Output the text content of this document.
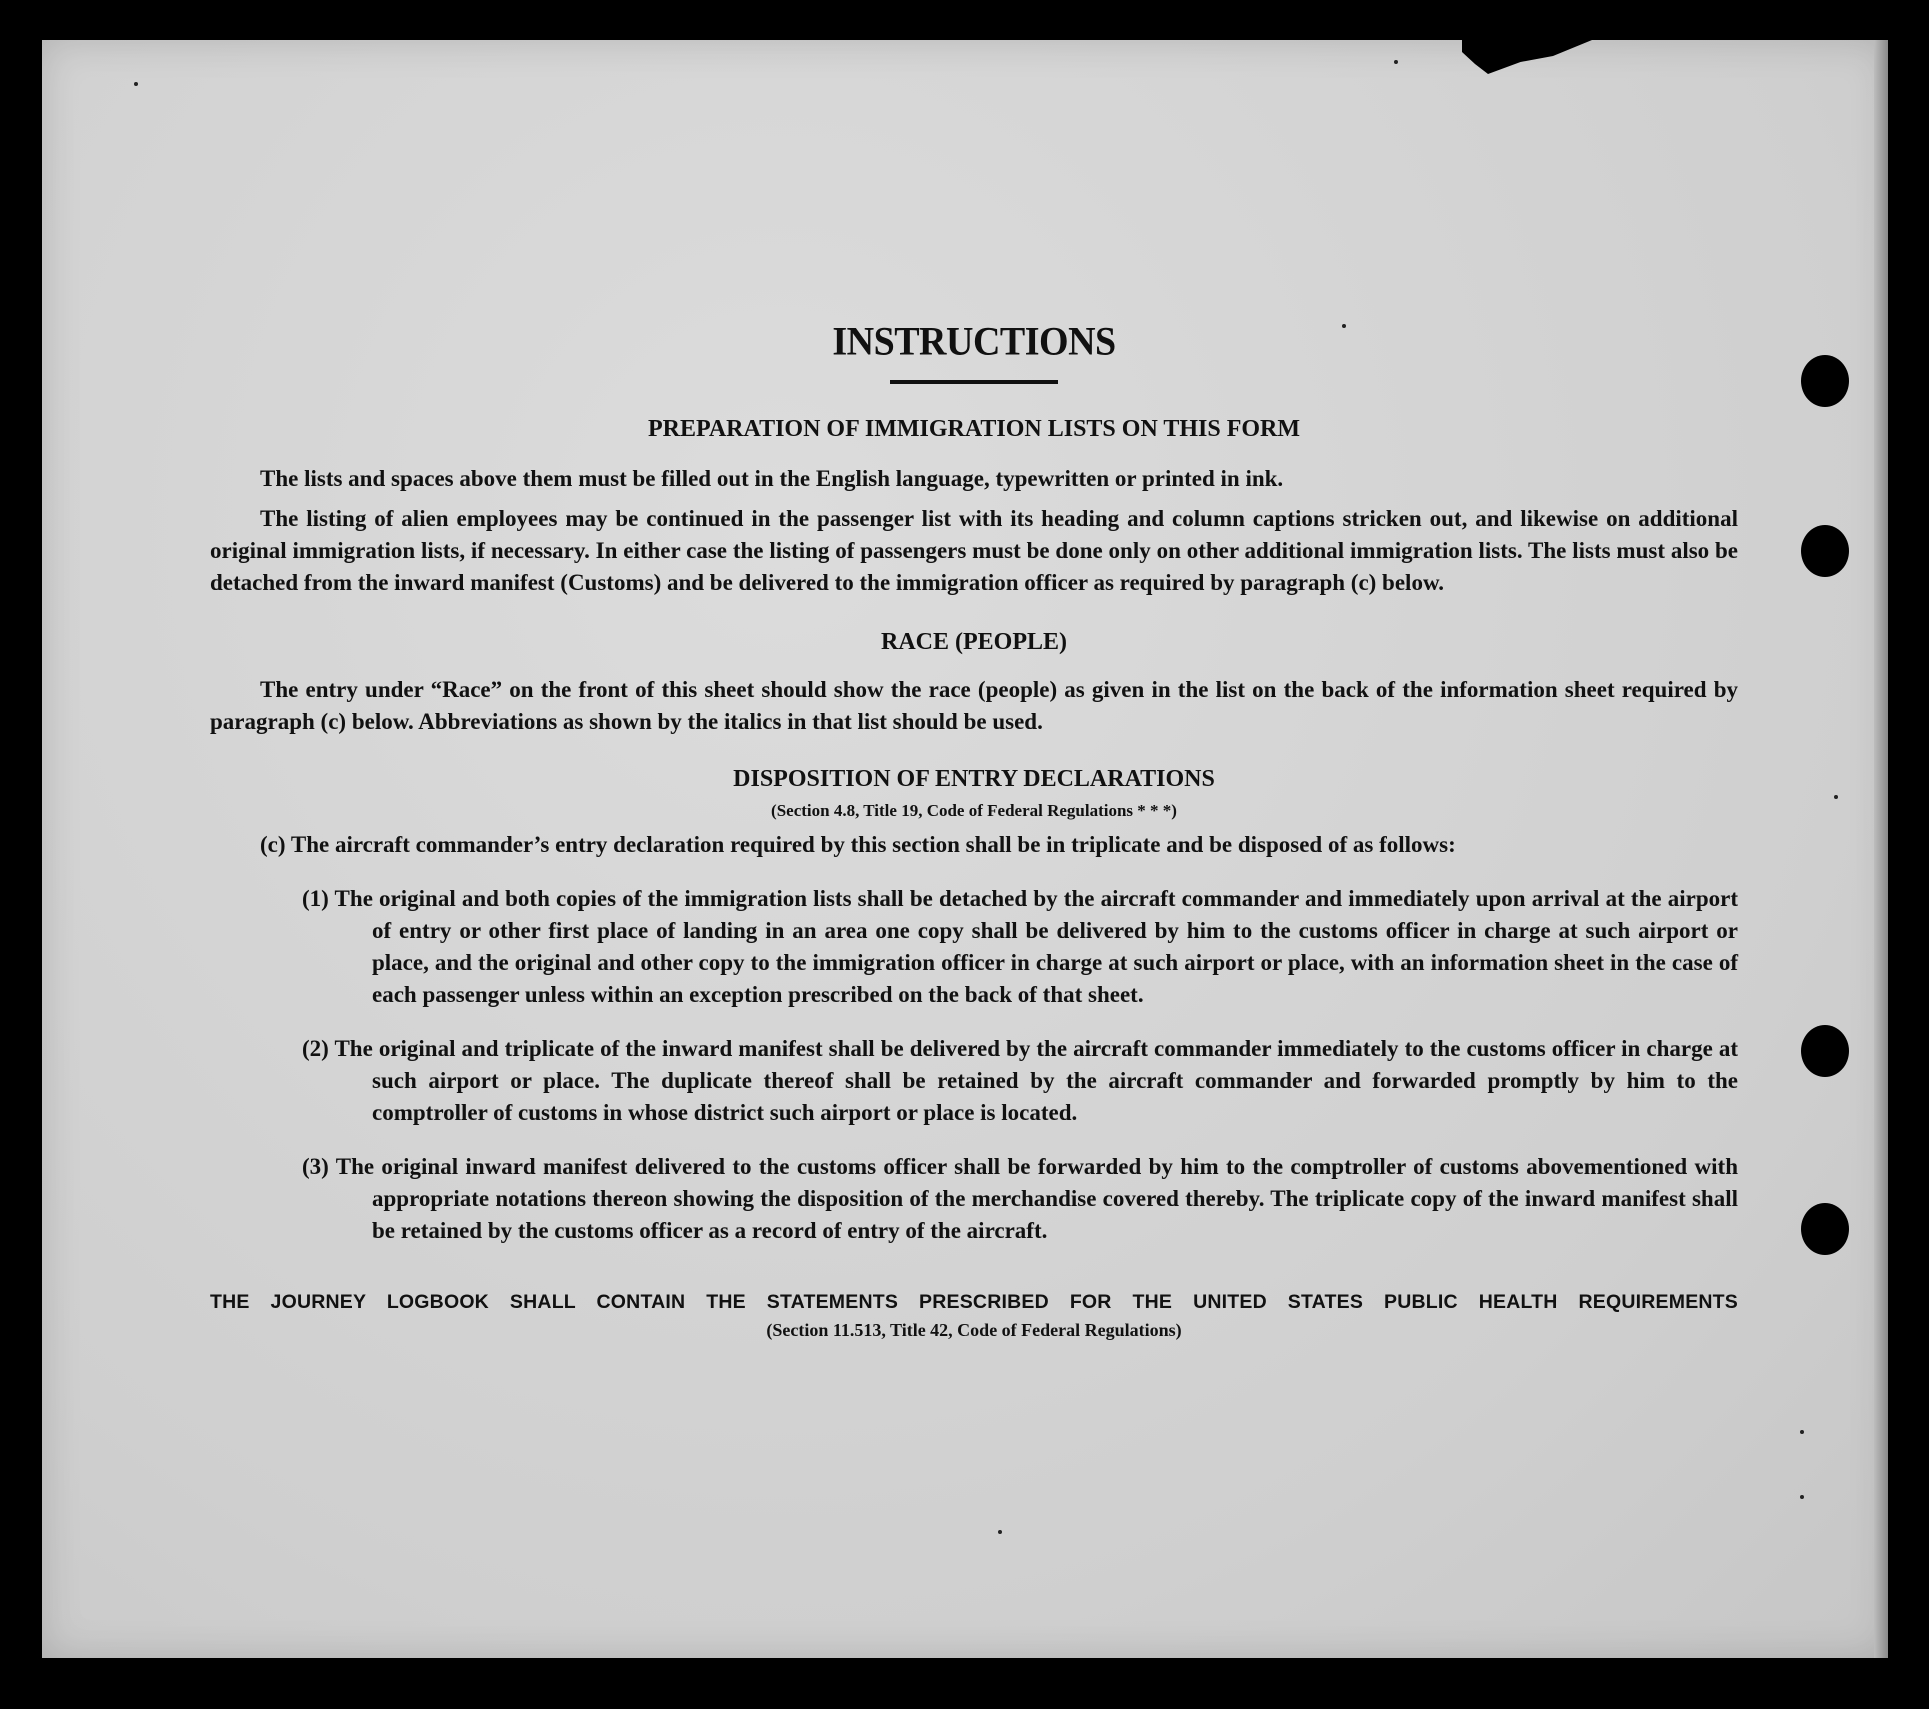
INSTRUCTIONS
PREPARATION OF IMMIGRATION LISTS ON THIS FORM

The lists and spaces above them must be filled out in the English language, typewritten or printed in ink.

The listing of alien employees may be continued in the passenger list with its heading and column captions stricken out, and likewise on additional original immigration lists, if necessary. In either case the listing of passengers must be done only on other additional immigration lists. The lists must also be detached from the inward manifest (Customs) and be delivered to the immigration officer as required by paragraph (c) below.

RACE (PEOPLE)

The entry under “Race” on the front of this sheet should show the race (people) as given in the list on the back of the information sheet required by paragraph (c) below. Abbreviations as shown by the italics in that list should be used.

DISPOSITION OF ENTRY DECLARATIONS

(Section 4.8, Title 19, Code of Federal Regulations * * *)

(c) The aircraft commander’s entry declaration required by this section shall be in triplicate and be disposed of as follows:

(1) The original and both copies of the immigration lists shall be detached by the aircraft commander and immediately upon arrival at the airport of entry or other first place of landing in an area one copy shall be delivered by him to the customs officer in charge at such airport or place, and the original and other copy to the immigration officer in charge at such airport or place, with an information sheet in the case of each passenger unless within an exception prescribed on the back of that sheet.

(2) The original and triplicate of the inward manifest shall be delivered by the aircraft commander immediately to the customs officer in charge at such airport or place. The duplicate thereof shall be retained by the aircraft commander and forwarded promptly by him to the comptroller of customs in whose district such airport or place is located.

(3) The original inward manifest delivered to the customs officer shall be forwarded by him to the comptroller of customs abovementioned with appropriate notations thereon showing the disposition of the merchandise covered thereby. The triplicate copy of the inward manifest shall be retained by the customs officer as a record of entry of the aircraft.

THE JOURNEY LOGBOOK SHALL CONTAIN THE STATEMENTS PRESCRIBED FOR THE UNITED STATES PUBLIC HEALTH REQUIREMENTS

(Section 11.513, Title 42, Code of Federal Regulations)
